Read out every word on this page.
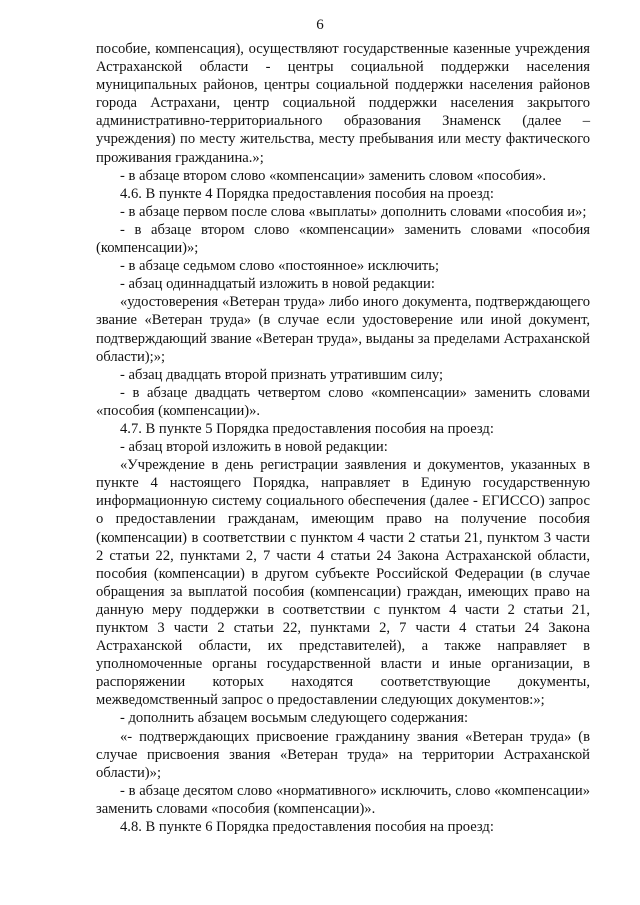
6

пособие, компенсация), осуществляют государственные казенные учреждения Астраханской области - центры социальной поддержки населения муниципальных районов, центры социальной поддержки населения районов города Астрахани, центр социальной поддержки населения закрытого административно-территориального образования Знаменск (далее – учреждения) по месту жительства, месту пребывания или месту фактического проживания гражданина.»;

- в абзаце втором слово «компенсации» заменить словом «пособия».

4.6. В пункте 4 Порядка предоставления пособия на проезд:

- в абзаце первом после слова «выплаты» дополнить словами «пособия и»;

- в абзаце втором слово «компенсации» заменить словами «пособия (компенсации)»;

- в абзаце седьмом слово «постоянное» исключить;

- абзац одиннадцатый изложить в новой редакции:

«удостоверения «Ветеран труда» либо иного документа, подтверждающего звание «Ветеран труда» (в случае если удостоверение или иной документ, подтверждающий звание «Ветеран труда», выданы за пределами Астраханской области);»;

- абзац двадцать второй признать утратившим силу;

- в абзаце двадцать четвертом слово «компенсации» заменить словами «пособия (компенсации)».

4.7. В пункте 5 Порядка предоставления пособия на проезд:

- абзац второй изложить в новой редакции:

«Учреждение в день регистрации заявления и документов, указанных в пункте 4 настоящего Порядка, направляет в Единую государственную информационную систему социального обеспечения (далее - ЕГИССО) запрос о предоставлении гражданам, имеющим право на получение пособия (компенсации) в соответствии с пунктом 4 части 2 статьи 21, пунктом 3 части 2 статьи 22, пунктами 2, 7 части 4 статьи 24 Закона Астраханской области, пособия (компенсации) в другом субъекте Российской Федерации (в случае обращения за выплатой пособия (компенсации) граждан, имеющих право на данную меру поддержки в соответствии с пунктом 4 части 2 статьи 21, пунктом 3 части 2 статьи 22, пунктами 2, 7 части 4 статьи 24 Закона Астраханской области, их представителей), а также направляет в уполномоченные органы государственной власти и иные организации, в распоряжении которых находятся соответствующие документы, межведомственный запрос о предоставлении следующих документов:»;

- дополнить абзацем восьмым следующего содержания:

«- подтверждающих присвоение гражданину звания «Ветеран труда» (в случае присвоения звания «Ветеран труда» на территории Астраханской области)»;

- в абзаце десятом слово «нормативного» исключить, слово «компенсации» заменить словами «пособия (компенсации)».

4.8. В пункте 6 Порядка предоставления пособия на проезд:
